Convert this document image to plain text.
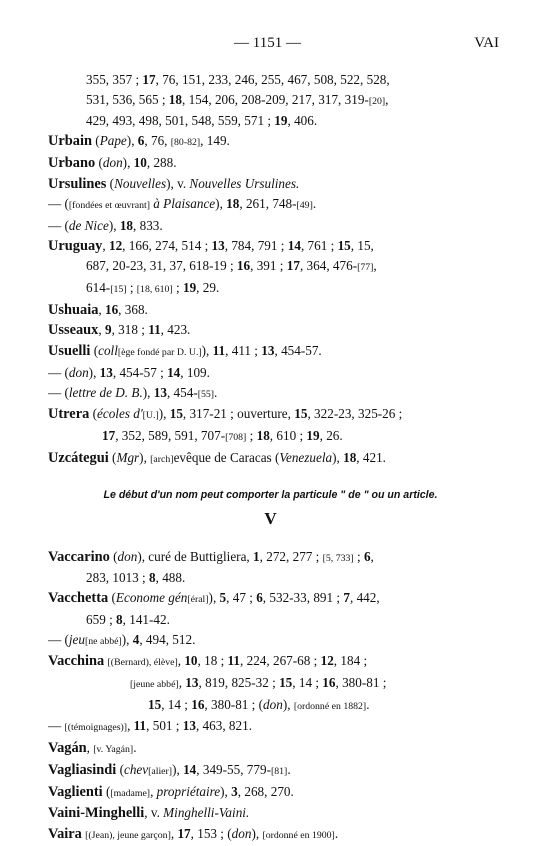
— 1151 —	VAI
355, 357 ; 17, 76, 151, 233, 246, 255, 467, 508, 522, 528,
531, 536, 565 ; 18, 154, 206, 208-209, 217, 317, 319-[20],
429, 493, 498, 501, 548, 559, 571 ; 19, 406.
Urbain (Pape), 6, 76, [80-82], 149.
Urbano (don), 10, 288.
Ursulines (Nouvelles), v. Nouvelles Ursulines.
— ([fondées et œuvrant] à Plaisance), 18, 261, 748-[49].
— (de Nice), 18, 833.
Uruguay, 12, 166, 274, 514 ; 13, 784, 791 ; 14, 761 ; 15, 15,
687, 20-23, 31, 37, 618-19 ; 16, 391 ; 17, 364, 476-[77],
614-[15] ; [18, 610] ; 19, 29.
Ushuaia, 16, 368.
Usseaux, 9, 318 ; 11, 423.
Usuelli (coll[ège fondé par D. U.]), 11, 411 ; 13, 454-57.
— (don), 13, 454-57 ; 14, 109.
— (lettre de D. B.), 13, 454-[55].
Utrera (écoles d'[U.]), 15, 317-21 ; ouverture, 15, 322-23, 325-26 ;
17, 352, 589, 591, 707-[708] ; 18, 610 ; 19, 26.
Uzcátegui (Mgr), [arch]evêque de Caracas (Venezuela), 18, 421.
Le début d'un nom peut comporter la particule " de " ou un article.
V
Vaccarino (don), curé de Buttigliera, 1, 272, 277 ; [5, 733] ; 6,
283, 1013 ; 8, 488.
Vacchetta (Econome gén[éral]), 5, 47 ; 6, 532-33, 891 ; 7, 442,
659 ; 8, 141-42.
— (jeu[ne abbé]), 4, 494, 512.
Vacchina [(Bernard), élève], 10, 18 ; 11, 224, 267-68 ; 12, 184 ;
[jeune abbé], 13, 819, 825-32 ; 15, 14 ; 16, 380-81 ;
15, 14 ; 16, 380-81 ; (don), [ordonné en 1882].
— [(témoignages)], 11, 501 ; 13, 463, 821.
Vagán, [v. Yagán].
Vagliasindi (chev[alier]), 14, 349-55, 779-[81].
Vaglienti ([madame], propriétaire), 3, 268, 270.
Vaini-Minghelli, v. Minghelli-Vaini.
Vaira [(Jean), jeune garçon], 17, 153 ; (don), [ordonné en 1900].
